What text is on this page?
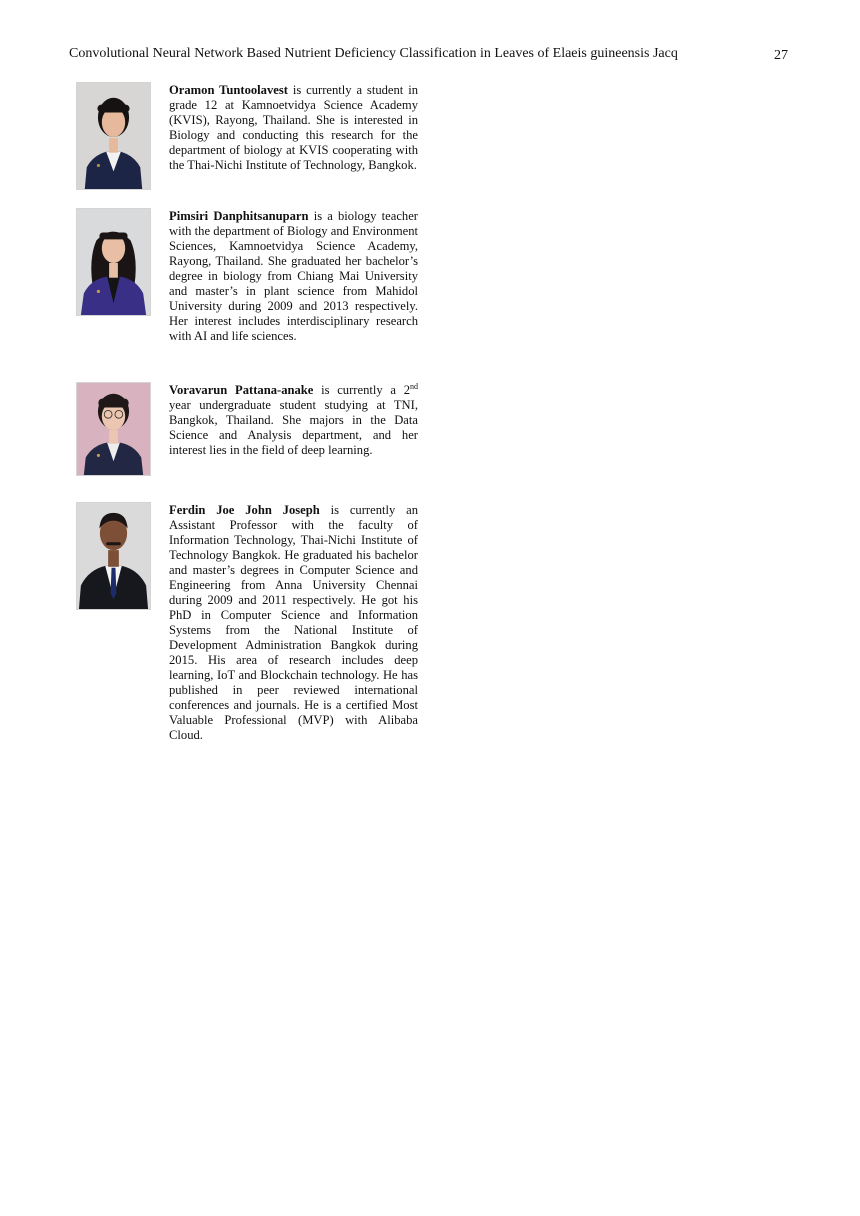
Convolutional Neural Network Based Nutrient Deficiency Classification in Leaves of Elaeis guineensis Jacq	27
Oramon Tuntoolavest is currently a student in grade 12 at Kamnoetvidya Science Academy (KVIS), Rayong, Thailand. She is interested in Biology and conducting this research for the department of biology at KVIS cooperating with the Thai-Nichi Institute of Technology, Bangkok.
Pimsiri Danphitsanuparn is a biology teacher with the department of Biology and Environment Sciences, Kamnoetvidya Science Academy, Rayong, Thailand. She graduated her bachelor’s degree in biology from Chiang Mai University and master’s in plant science from Mahidol University during 2009 and 2013 respectively. Her interest includes interdisciplinary research with AI and life sciences.
Voravarun Pattana-anake is currently a 2nd year undergraduate student studying at TNI, Bangkok, Thailand. She majors in the Data Science and Analysis department, and her interest lies in the field of deep learning.
Ferdin Joe John Joseph is currently an Assistant Professor with the faculty of Information Technology, Thai-Nichi Institute of Technology Bangkok. He graduated his bachelor and master’s degrees in Computer Science and Engineering from Anna University Chennai during 2009 and 2011 respectively. He got his PhD in Computer Science and Information Systems from the National Institute of Development Administration Bangkok during 2015. His area of research includes deep learning, IoT and Blockchain technology. He has published in peer reviewed international conferences and journals. He is a certified Most Valuable Professional (MVP) with Alibaba Cloud.
